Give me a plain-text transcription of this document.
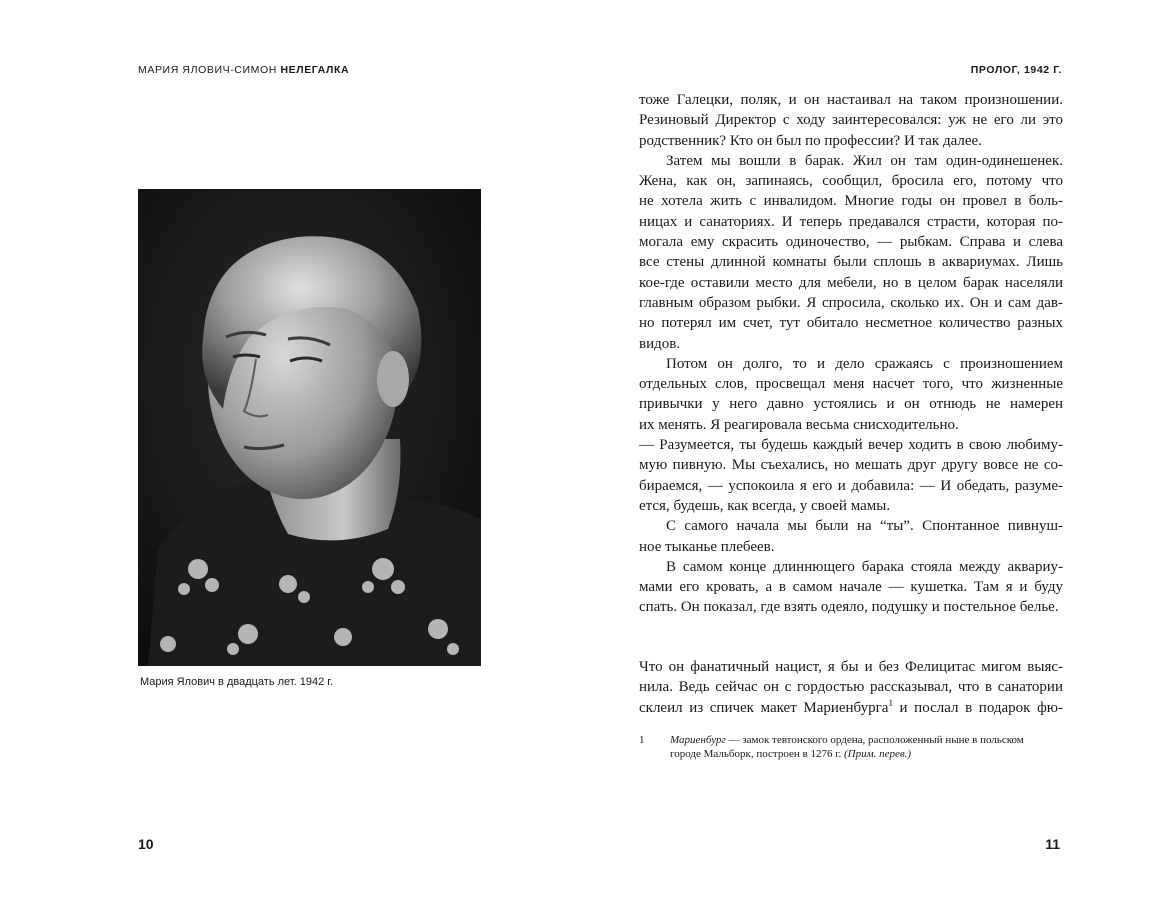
МАРИЯ ЯЛОВИЧ-СИМОН НЕЛЕГАЛКА
Мария Ялович в двадцать лет. 1942 г.
10
ПРОЛОГ, 1942 Г.
11
тоже Галецки, поляк, и он настаивал на таком произношении.
Резиновый Директор с ходу заинтересовался: уж не его ли это
родственник? Кто он был по профессии? И так далее.
Затем мы вошли в барак. Жил он там один-одинешенек.
Жена, как он, запинаясь, сообщил, бросила его, потому что
не хотела жить с инвалидом. Многие годы он провел в боль-
ницах и санаториях. И теперь предавался страсти, которая по-
могала ему скрасить одиночество, — рыбкам. Справа и слева
все стены длинной комнаты были сплошь в аквариумах. Лишь
кое-где оставили место для мебели, но в целом барак населяли
главным образом рыбки. Я спросила, сколько их. Он и сам дав-
но потерял им счет, тут обитало несметное количество разных
видов.
Потом он долго, то и дело сражаясь с произношением
отдельных слов, просвещал меня насчет того, что жизненные
привычки у него давно устоялись и он отнюдь не намерен
их менять. Я реагировала весьма снисходительно.
— Разумеется, ты будешь каждый вечер ходить в свою любиму-
мую пивную. Мы съехались, но мешать друг другу вовсе не со-
бираемся, — успокоила я его и добавила: — И обедать, разуме-
ется, будешь, как всегда, у своей мамы.
С самого начала мы были на “ты”. Спонтанное пивнуш-
ное тыканье плебеев.
В самом конце длиннющего барака стояла между аквариу-
мами его кровать, а в самом начале — кушетка. Там я и буду
спать. Он показал, где взять одеяло, подушку и постельное белье.
Что он фанатичный нацист, я бы и без Фелицитас мигом выяс-
нила. Ведь сейчас он с гордостью рассказывал, что в санатории
склеил из спичек макет Мариенбурга$^1$ и послал в подарок фю-
1 Мариенбург — замок тевтонского ордена, расположенный ныне в польском
городе Мальборк, построен в 1276 г. (Прим. перев.)
